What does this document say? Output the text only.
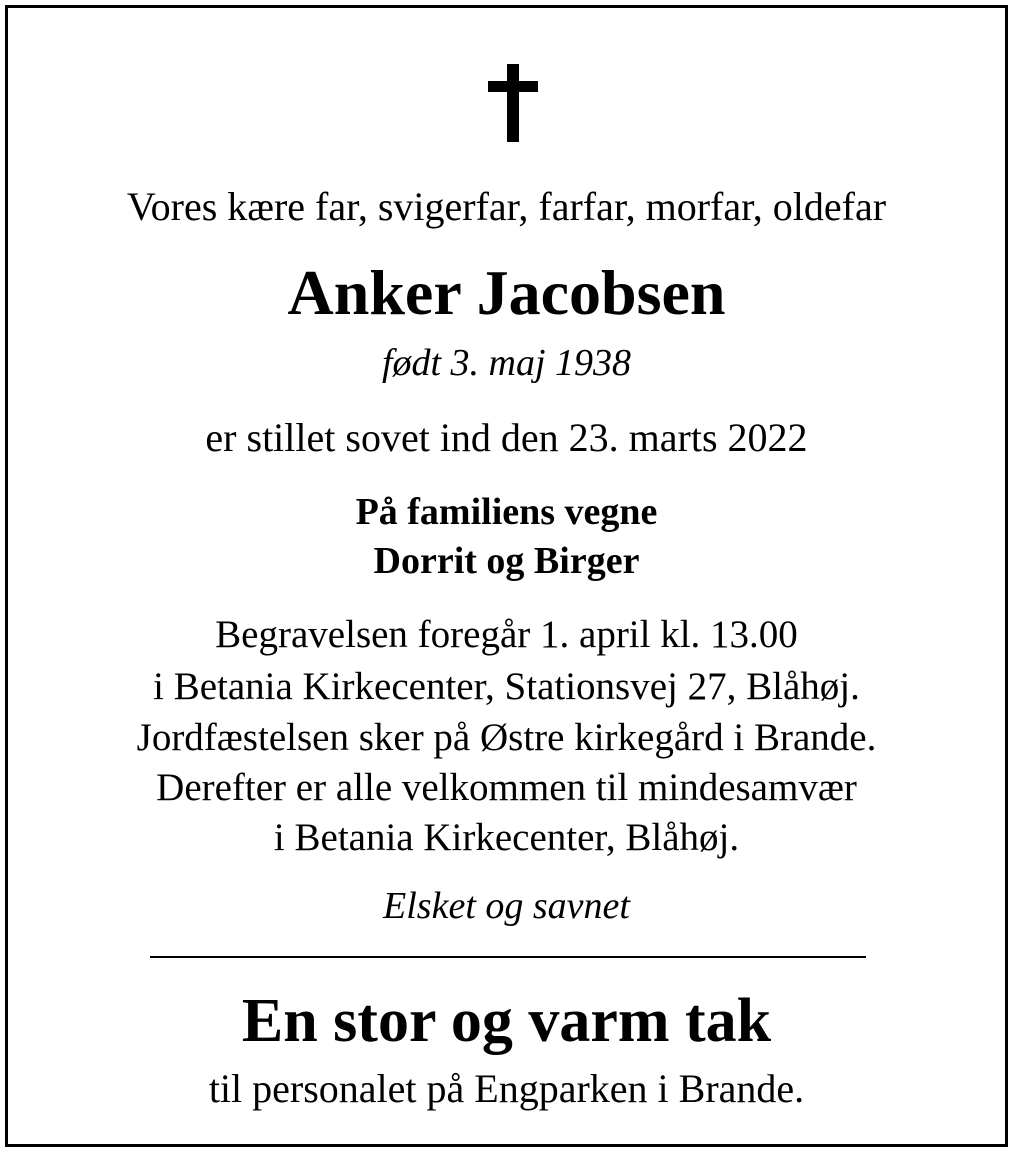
Vores kære far, svigerfar, farfar, morfar, oldefar
Anker Jacobsen
født 3. maj 1938
er stillet sovet ind den 23. marts 2022
På familiens vegne
Dorrit og Birger
Begravelsen foregår 1. april kl. 13.00
i Betania Kirkecenter, Stationsvej 27, Blåhøj.
Jordfæstelsen sker på Østre kirkegård i Brande.
Derefter er alle velkommen til mindesamvær
i Betania Kirkecenter, Blåhøj.
Elsket og savnet
En stor og varm tak
til personalet på Engparken i Brande.
